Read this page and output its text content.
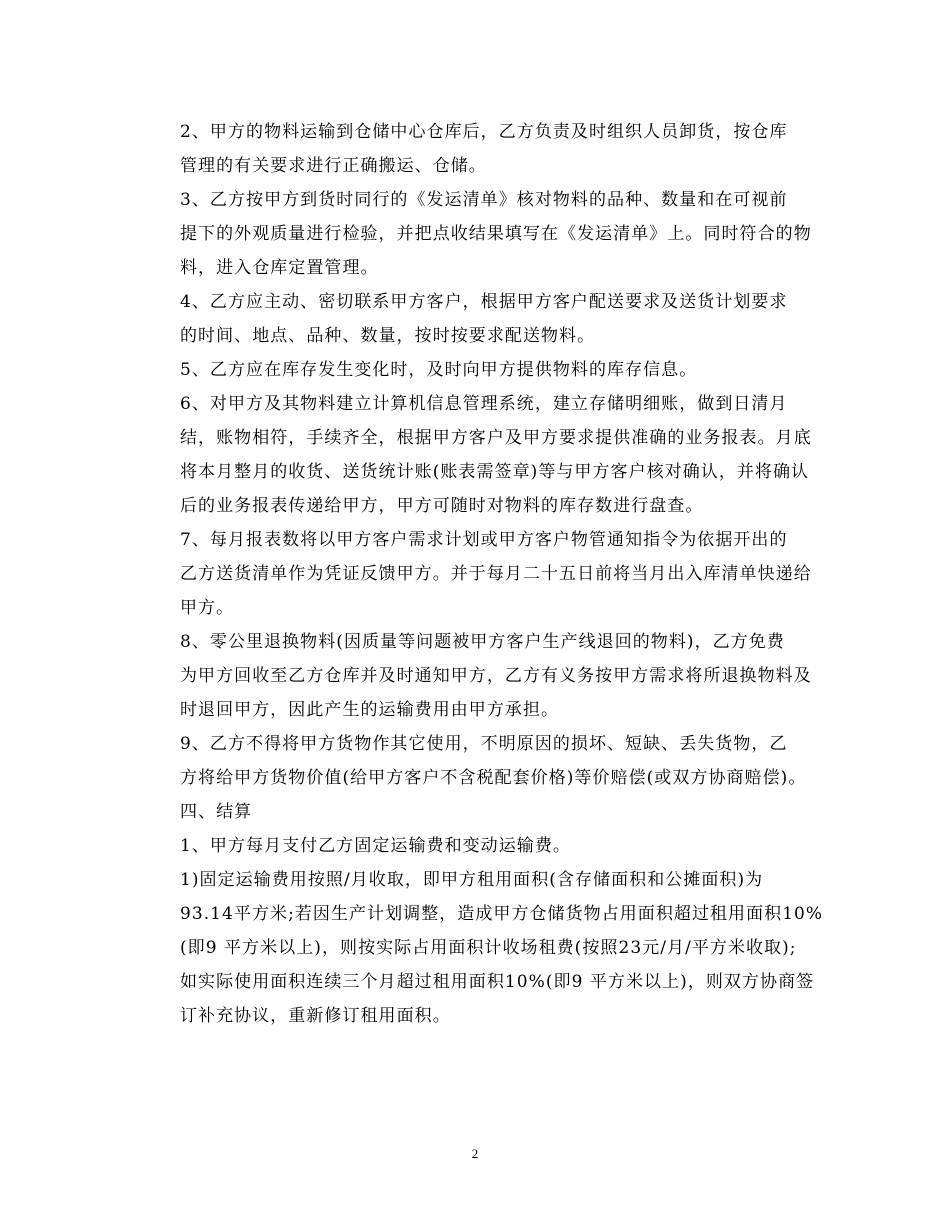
2、甲方的物料运输到仓储中心仓库后，乙方负责及时组织人员卸货，按仓库
管理的有关要求进行正确搬运、仓储。

3、乙方按甲方到货时同行的《发运清单》核对物料的品种、数量和在可视前
提下的外观质量进行检验，并把点收结果填写在《发运清单》上。同时符合的物
料，进入仓库定置管理。

4、乙方应主动、密切联系甲方客户，根据甲方客户配送要求及送货计划要求
的时间、地点、品种、数量，按时按要求配送物料。

5、乙方应在库存发生变化时，及时向甲方提供物料的库存信息。

6、对甲方及其物料建立计算机信息管理系统，建立存储明细账，做到日清月
结，账物相符，手续齐全，根据甲方客户及甲方要求提供准确的业务报表。月底
将本月整月的收货、送货统计账(账表需签章)等与甲方客户核对确认，并将确认
后的业务报表传递给甲方，甲方可随时对物料的库存数进行盘查。

7、每月报表数将以甲方客户需求计划或甲方客户物管通知指令为依据开出的
乙方送货清单作为凭证反馈甲方。并于每月二十五日前将当月出入库清单快递给
甲方。

8、零公里退换物料(因质量等问题被甲方客户生产线退回的物料)，乙方免费
为甲方回收至乙方仓库并及时通知甲方，乙方有义务按甲方需求将所退换物料及
时退回甲方，因此产生的运输费用由甲方承担。

9、乙方不得将甲方货物作其它使用，不明原因的损坏、短缺、丢失货物，乙
方将给甲方货物价值(给甲方客户不含税配套价格)等价赔偿(或双方协商赔偿)。

四、结算

1、甲方每月支付乙方固定运输费和变动运输费。

1)固定运输费用按照/月收取，即甲方租用面积(含存储面积和公摊面积)为
93.14平方米;若因生产计划调整，造成甲方仓储货物占用面积超过租用面积10%
(即9 平方米以上)，则按实际占用面积计收场租费(按照23元/月/平方米收取);
如实际使用面积连续三个月超过租用面积10%(即9 平方米以上)，则双方协商签
订补充协议，重新修订租用面积。

2
